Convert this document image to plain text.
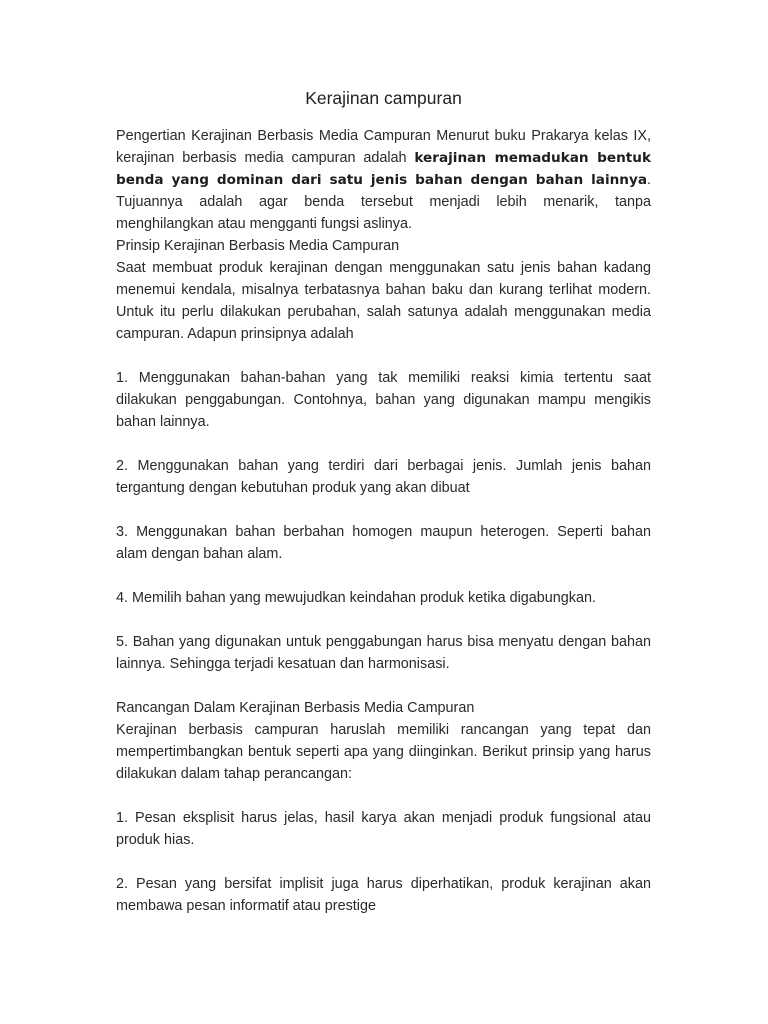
Kerajinan campuran

Pengertian Kerajinan Berbasis Media Campuran Menurut buku Prakarya kelas IX, kerajinan berbasis media campuran adalah kerajinan memadukan bentuk benda yang dominan dari satu jenis bahan dengan bahan lainnya. Tujuannya adalah agar benda tersebut menjadi lebih menarik, tanpa menghilangkan atau mengganti fungsi aslinya.

Prinsip Kerajinan Berbasis Media Campuran

Saat membuat produk kerajinan dengan menggunakan satu jenis bahan kadang menemui kendala, misalnya terbatasnya bahan baku dan kurang terlihat modern. Untuk itu perlu dilakukan perubahan, salah satunya adalah menggunakan media campuran. Adapun prinsipnya adalah

1. Menggunakan bahan-bahan yang tak memiliki reaksi kimia tertentu saat dilakukan penggabungan. Contohnya, bahan yang digunakan mampu mengikis bahan lainnya.

2. Menggunakan bahan yang terdiri dari berbagai jenis. Jumlah jenis bahan tergantung dengan kebutuhan produk yang akan dibuat

3. Menggunakan bahan berbahan homogen maupun heterogen. Seperti bahan alam dengan bahan alam.

4. Memilih bahan yang mewujudkan keindahan produk ketika digabungkan.

5. Bahan yang digunakan untuk penggabungan harus bisa menyatu dengan bahan lainnya. Sehingga terjadi kesatuan dan harmonisasi.

Rancangan Dalam Kerajinan Berbasis Media Campuran

Kerajinan berbasis campuran haruslah memiliki rancangan yang tepat dan mempertimbangkan bentuk seperti apa yang diinginkan. Berikut prinsip yang harus dilakukan dalam tahap perancangan:

1. Pesan eksplisit harus jelas, hasil karya akan menjadi produk fungsional atau produk hias.

2. Pesan yang bersifat implisit juga harus diperhatikan, produk kerajinan akan membawa pesan informatif atau prestige
